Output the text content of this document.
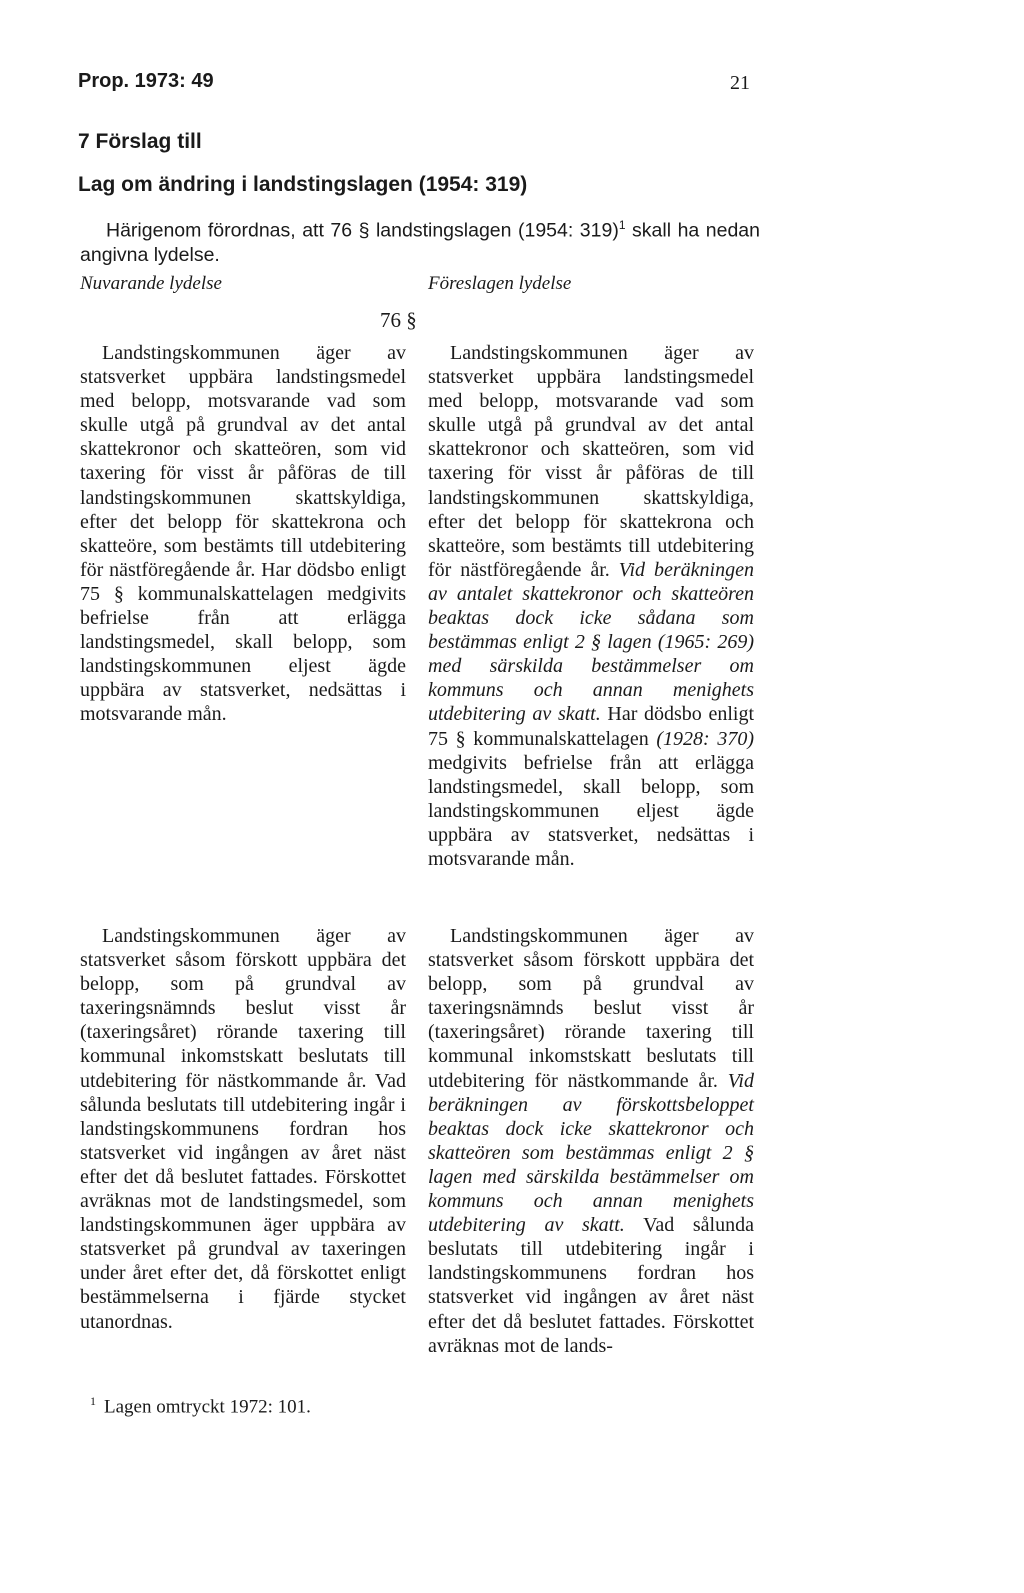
Prop. 1973: 49	21
7 Förslag till
Lag om ändring i landstingslagen (1954: 319)

Härigenom förordnas, att 76 § landstingslagen (1954: 319)$^1$ skall ha nedan angivna lydelse.

Nuvarande lydelse	Föreslagen lydelse
76 §

Landstingskommunen äger av statsverket uppbära landstingsmedel med belopp, motsvarande vad som skulle utgå på grundval av det antal skattekronor och skatteören, som vid taxering för visst år påföras de till landstingskommunen skattskyldiga, efter det belopp för skattekrona och skatteöre, som bestämts till utdebitering för nästföregående år. Har dödsbo enligt 75 § kommunalskattelagen medgivits befrielse från att erlägga landstingsmedel, skall belopp, som landstingskommunen eljest ägde uppbära av statsverket, nedsättas i motsvarande mån.

Landstingskommunen äger av statsverket såsom förskott uppbära det belopp, som på grundval av taxeringsnämnds beslut visst år (taxeringsåret) rörande taxering till kommunal inkomstskatt beslutats till utdebitering för nästkommande år. Vad sålunda beslutats till utdebitering ingår i landstingskommunens fordran hos statsverket vid ingången av året näst efter det då beslutet fattades. Förskottet avräknas mot de landstingsmedel, som landstingskommunen äger uppbära av statsverket på grundval av taxeringen under året efter det, då förskottet enligt bestämmelserna i fjärde stycket utanordnas.

Landstingskommunen äger av statsverket uppbära landstingsmedel med belopp, motsvarande vad som skulle utgå på grundval av det antal skattekronor och skatteören, som vid taxering för visst år påföras de till landstingskommunen skattskyldiga, efter det belopp för skattekrona och skatteöre, som bestämts till utdebitering för nästföregående år. Vid beräkningen av antalet skattekronor och skatteören beaktas dock icke sådana som bestämmas enligt 2 § lagen (1965: 269) med särskilda bestämmelser om kommuns och annan menighets utdebitering av skatt. Har dödsbo enligt 75 § kommunalskattelagen (1928: 370) medgivits befrielse från att erlägga landstingsmedel, skall belopp, som landstingskommunen eljest ägde uppbära av statsverket, nedsättas i motsvarande mån.

Landstingskommunen äger av statsverket såsom förskott uppbära det belopp, som på grundval av taxeringsnämnds beslut visst år (taxeringsåret) rörande taxering till kommunal inkomstskatt beslutats till utdebitering för nästkommande år. Vid beräkningen av förskottsbeloppet beaktas dock icke skattekronor och skatteören som bestämmas enligt 2 § lagen med särskilda bestämmelser om kommuns och annan menighets utdebitering av skatt. Vad sålunda beslutats till utdebitering ingår i landstingskommunens fordran hos statsverket vid ingången av året näst efter det då beslutet fattades. Förskottet avräknas mot de lands-

$^1$ Lagen omtryckt 1972: 101.
